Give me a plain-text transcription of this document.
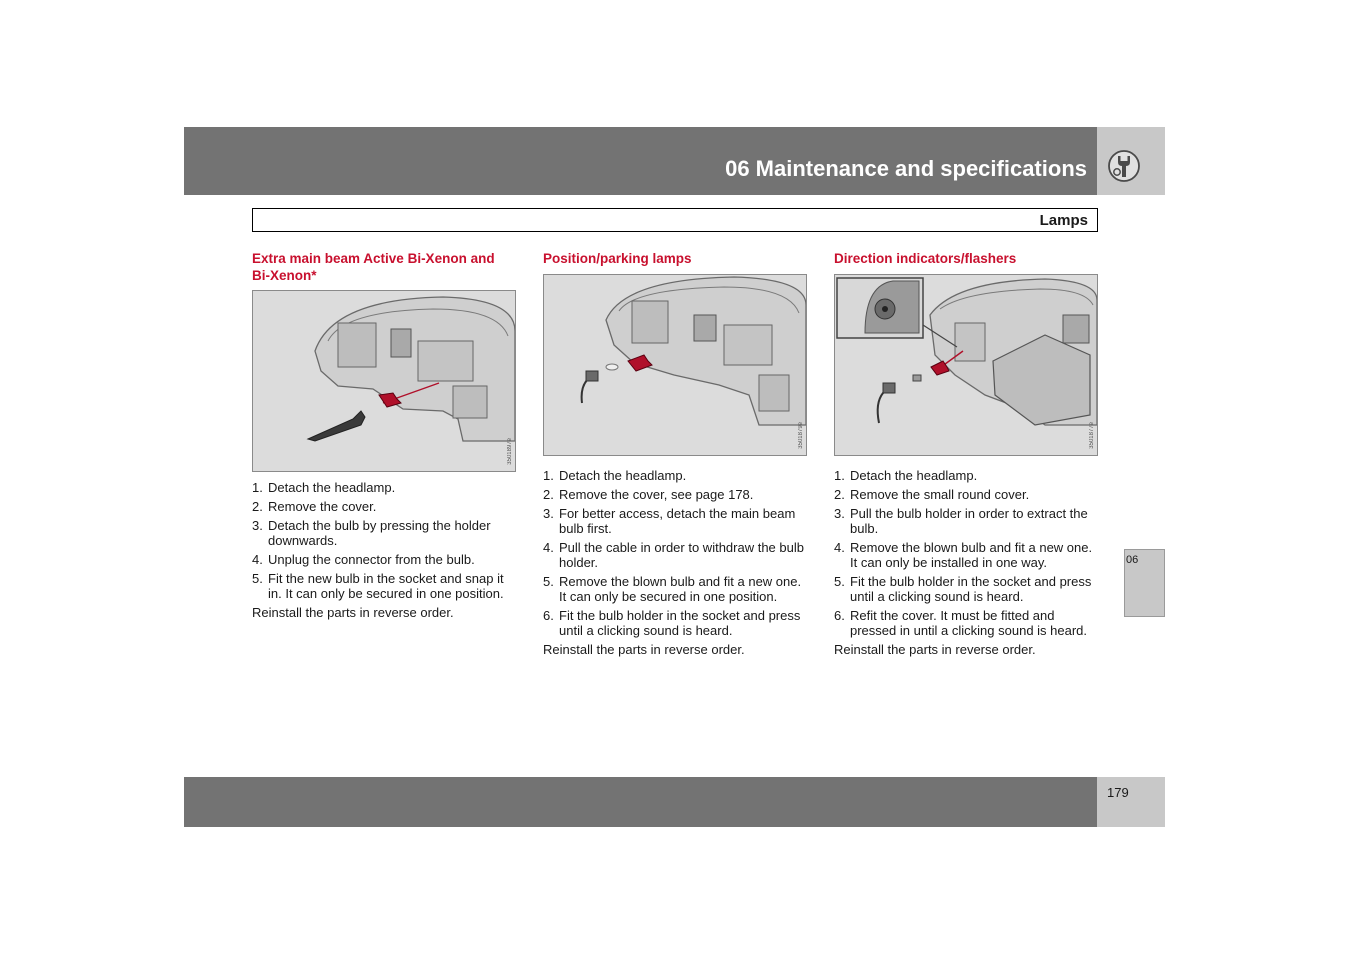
06 Maintenance and specifications
Lamps
Extra main beam Active Bi-Xenon and Bi-Xenon*
3501897e
1. Detach the headlamp.
2. Remove the cover.
3. Detach the bulb by pressing the holder downwards.
4. Unplug the connector from the bulb.
5. Fit the new bulb in the socket and snap it in. It can only be secured in one position.

Reinstall the parts in reverse order.

Position/parking lamps
3501879e
1. Detach the headlamp.
2. Remove the cover, see page 178.
3. For better access, detach the main beam bulb first.
4. Pull the cable in order to withdraw the bulb holder.
5. Remove the blown bulb and fit a new one. It can only be secured in one position.
6. Fit the bulb holder in the socket and press until a clicking sound is heard.

Reinstall the parts in reverse order.

Direction indicators/flashers
3501877e
1. Detach the headlamp.
2. Remove the small round cover.
3. Pull the bulb holder in order to extract the bulb.
4. Remove the blown bulb and fit a new one. It can only be installed in one way.
5. Fit the bulb holder in the socket and press until a clicking sound is heard.
6. Refit the cover. It must be fitted and pressed in until a clicking sound is heard.

Reinstall the parts in reverse order.

06
179
